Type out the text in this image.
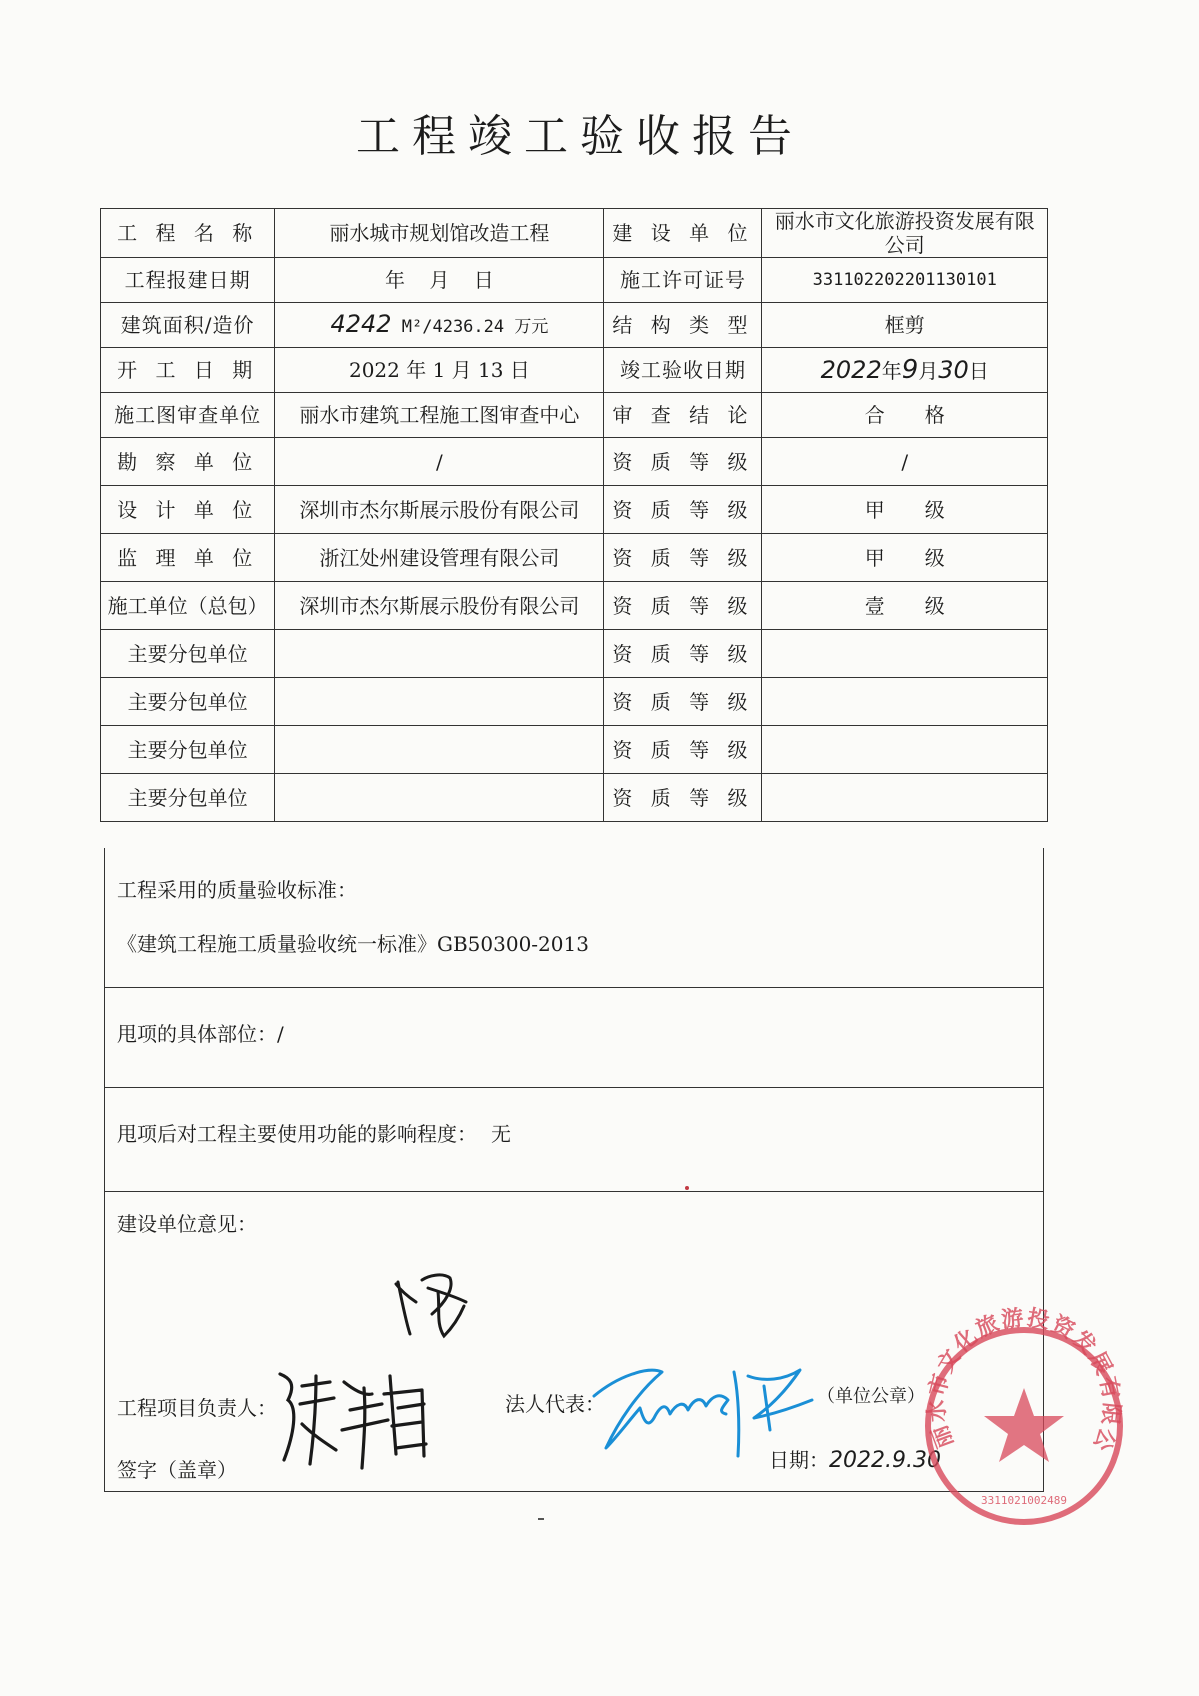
工程竣工验收报告
工 程 名 称	丽水城市规划馆改造工程	建 设 单 位	丽水市文化旅游投资发展有限公司
工程报建日期	年 月 日	施工许可证号	331102202201130101
建筑面积/造价	4242 M²/4236.24 万元	结 构 类 型	框剪
开 工 日 期	2022 年 1 月 13 日	竣工验收日期	2022年9月30日
施工图审查单位	丽水市建筑工程施工图审查中心	审 查 结 论	合　　格
勘 察 单 位	/	资 质 等 级	/
设 计 单 位	深圳市杰尔斯展示股份有限公司	资 质 等 级	甲　　级
监 理 单 位	浙江处州建设管理有限公司	资 质 等 级	甲　　级
施工单位（总包）	深圳市杰尔斯展示股份有限公司	资 质 等 级	壹　　级
主要分包单位		资 质 等 级	
主要分包单位		资 质 等 级	
主要分包单位		资 质 等 级	
主要分包单位		资 质 等 级	
工程采用的质量验收标准：
《建筑工程施工质量验收统一标准》GB50300-2013
甩项的具体部位：/
甩项后对工程主要使用功能的影响程度： 无
建设单位意见：
工程项目负责人：
签字（盖章）
法人代表：	（单位公章）
日期：2022.9.30
丽水市文化旅游投资发展有限公司
3311021002489
